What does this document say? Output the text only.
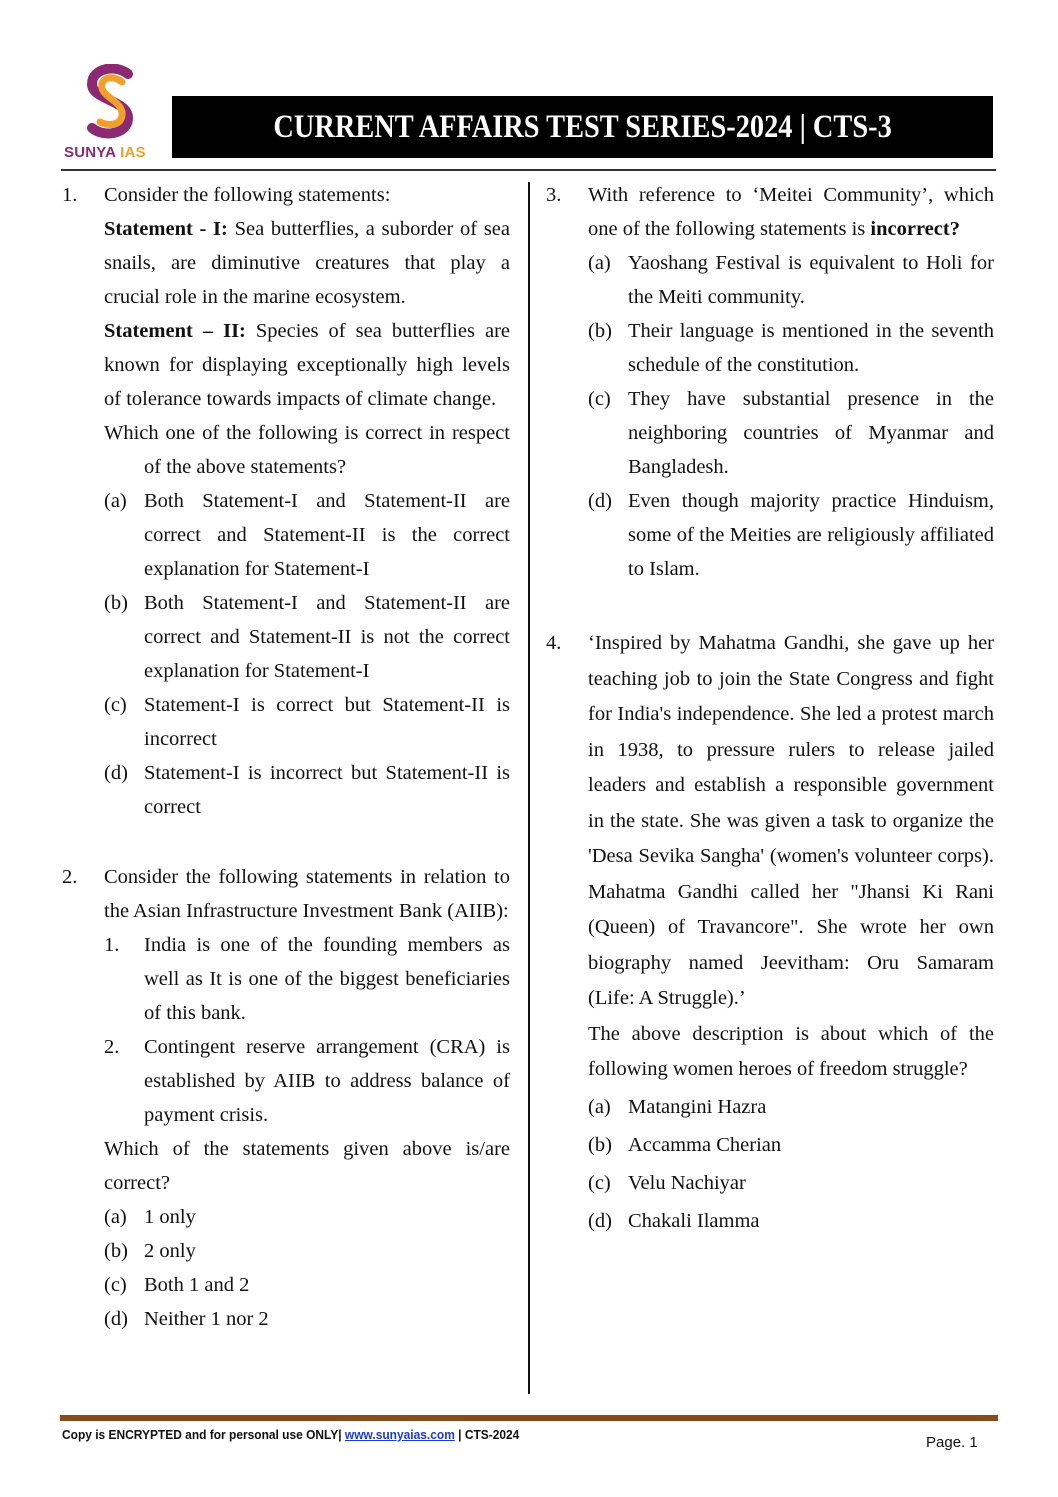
SUNYA IAS
CURRENT AFFAIRS TEST SERIES-2024 | CTS-3
1. Consider the following statements:

Statement - I: Sea butterflies, a suborder of sea snails, are diminutive creatures that play a crucial role in the marine ecosystem.

Statement – II: Species of sea butterflies are known for displaying exceptionally high levels of tolerance towards impacts of climate change.

Which one of the following is correct in respect of the above statements?

(a) Both Statement-I and Statement-II are correct and Statement-II is the correct explanation for Statement-I
(b) Both Statement-I and Statement-II are correct and Statement-II is not the correct explanation for Statement-I
(c) Statement-I is correct but Statement-II is incorrect
(d) Statement-I is incorrect but Statement-II is correct
2. Consider the following statements in relation to the Asian Infrastructure Investment Bank (AIIB):

1. India is one of the founding members as well as It is one of the biggest beneficiaries of this bank.
2. Contingent reserve arrangement (CRA) is established by AIIB to address balance of payment crisis.

Which of the statements given above is/are correct?

(a) 1 only
(b) 2 only
(c) Both 1 and 2
(d) Neither 1 nor 2
3. With reference to ‘Meitei Community’, which one of the following statements is incorrect?

(a) Yaoshang Festival is equivalent to Holi for the Meiti community.
(b) Their language is mentioned in the seventh schedule of the constitution.
(c) They have substantial presence in the neighboring countries of Myanmar and Bangladesh.
(d) Even though majority practice Hinduism, some of the Meities are religiously affiliated to Islam.
4. ‘Inspired by Mahatma Gandhi, she gave up her teaching job to join the State Congress and fight for India's independence. She led a protest march in 1938, to pressure rulers to release jailed leaders and establish a responsible government in the state. She was given a task to organize the 'Desa Sevika Sangha' (women's volunteer corps). Mahatma Gandhi called her "Jhansi Ki Rani (Queen) of Travancore". She wrote her own biography named Jeevitham: Oru Samaram (Life: A Struggle).’

The above description is about which of the following women heroes of freedom struggle?

(a) Matangini Hazra
(b) Accamma Cherian
(c) Velu Nachiyar
(d) Chakali Ilamma
Copy is ENCRYPTED and for personal use ONLY| www.sunyaias.com | CTS-2024	Page. 1
